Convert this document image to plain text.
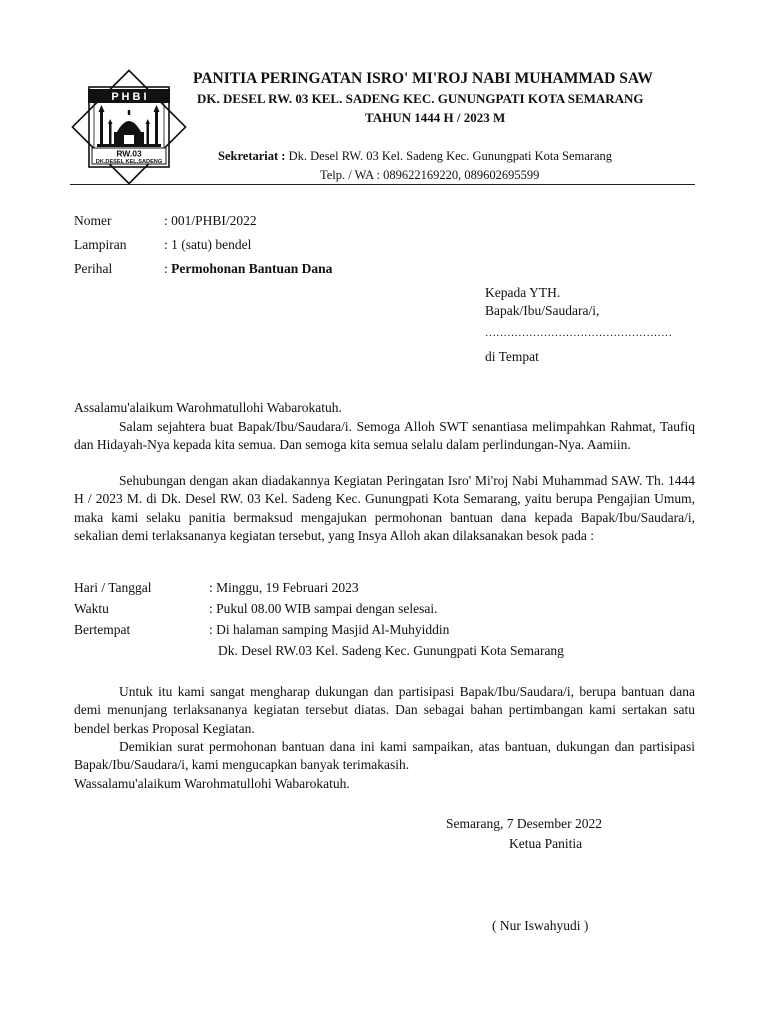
P H B I
RW.03
DK.DESEL KEL.SADENG
PANITIA PERINGATAN ISRO' MI'ROJ NABI MUHAMMAD SAW
DK. DESEL RW. 03 KEL. SADENG KEC. GUNUNGPATI KOTA SEMARANG
TAHUN 1444 H / 2023 M
Sekretariat : Dk. Desel RW. 03 Kel. Sadeng Kec. Gunungpati Kota Semarang
Telp. / WA : 089622169220, 089602695599
Nomer	: 001/PHBI/2022
Lampiran	: 1 (satu) bendel
Perihal	: Permohonan Bantuan Dana
Kepada YTH.
Bapak/Ibu/Saudara/i,
……………………………………………
di Tempat
Assalamu'alaikum Warohmatullohi Wabarokatuh.
Salam sejahtera buat Bapak/Ibu/Saudara/i. Semoga Alloh SWT senantiasa melimpahkan Rahmat, Taufiq dan Hidayah-Nya kepada kita semua. Dan semoga kita semua selalu dalam perlindungan-Nya. Aamiin.
Sehubungan dengan akan diadakannya Kegiatan Peringatan Isro' Mi'roj Nabi Muhammad SAW. Th. 1444 H / 2023 M. di Dk. Desel RW. 03 Kel. Sadeng Kec. Gunungpati Kota Semarang, yaitu berupa Pengajian Umum, maka kami selaku panitia bermaksud mengajukan permohonan bantuan dana kepada Bapak/Ibu/Saudara/i, sekalian demi terlaksananya kegiatan tersebut, yang Insya Alloh akan dilaksanakan besok pada :
Hari / Tanggal	: Minggu, 19 Februari 2023
Waktu	: Pukul 08.00 WIB sampai dengan selesai.
Bertempat	: Di halaman samping Masjid Al-Muhyiddin
Dk. Desel RW.03 Kel. Sadeng Kec. Gunungpati Kota Semarang
Untuk itu kami sangat mengharap dukungan dan partisipasi Bapak/Ibu/Saudara/i, berupa bantuan dana demi menunjang terlaksananya kegiatan tersebut diatas. Dan sebagai bahan pertimbangan kami sertakan satu bendel berkas Proposal Kegiatan.
Demikian surat permohonan bantuan dana ini kami sampaikan, atas bantuan, dukungan dan partisipasi Bapak/Ibu/Saudara/i, kami mengucapkan banyak terimakasih.
Wassalamu'alaikum Warohmatullohi Wabarokatuh.
Semarang, 7 Desember 2022
Ketua Panitia
( Nur Iswahyudi )
